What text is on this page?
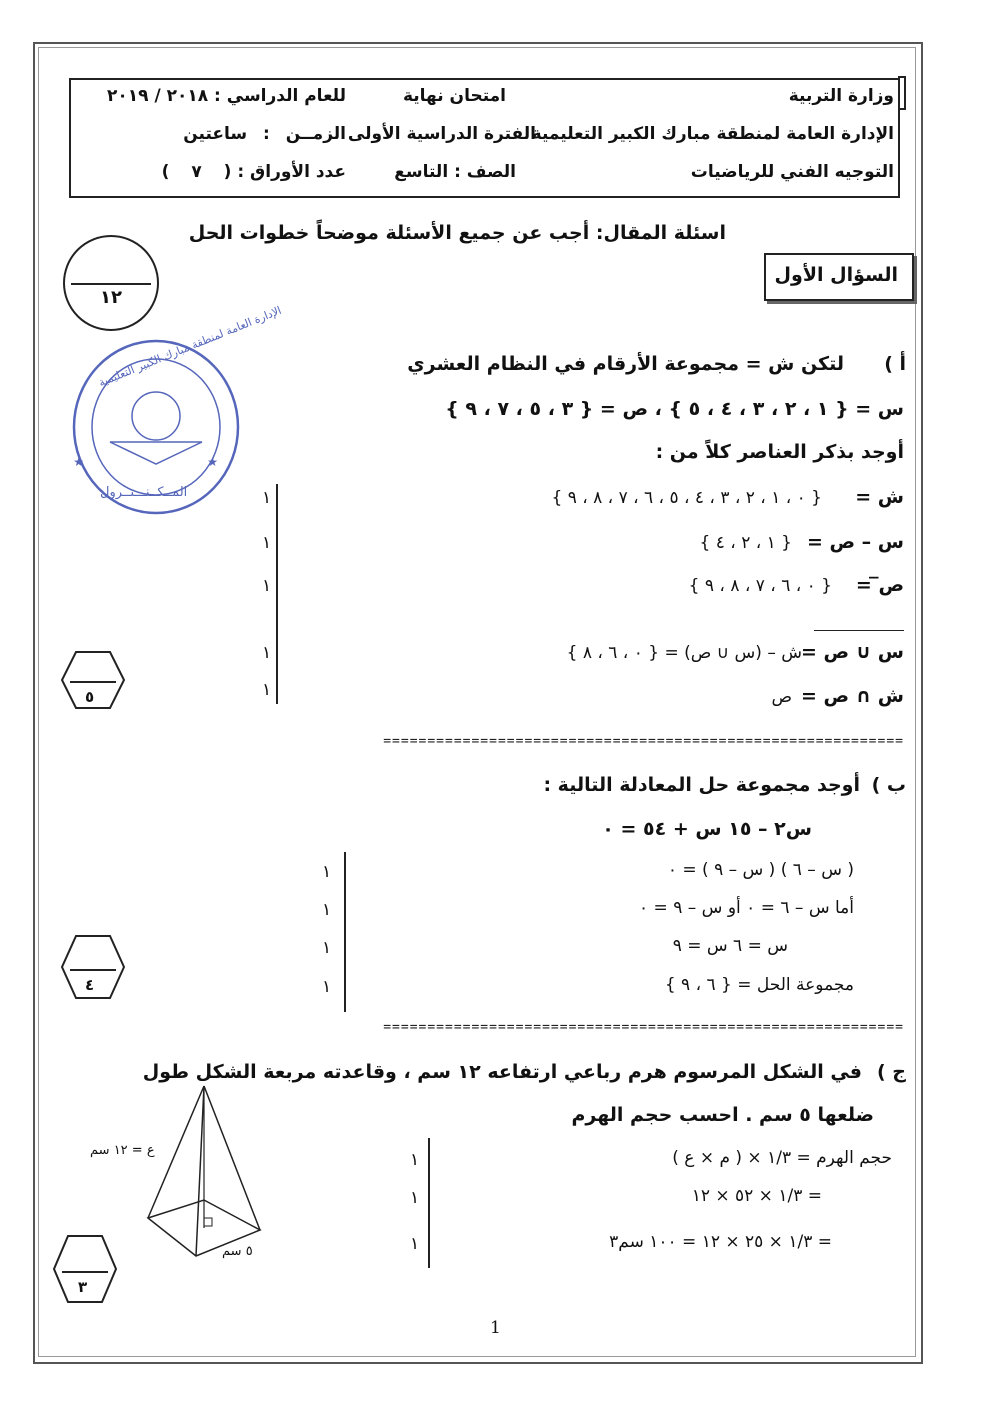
وزارة التربية
الإدارة العامة لمنطقة مبارك الكبير التعليمية
التوجيه الفني للرياضيات
امتحان نهاية
الفترة الدراسية الأولى
الصف : التاسع
للعام الدراسي : ٢٠١٨ / ٢٠١٩
الزمــن : ساعتين
عدد الأوراق : ( ٧ )
اسئلة المقال: أجب عن جميع الأسئلة موضحاً خطوات الحل
السؤال الأول
١٢
★	★
الإدارة العامة لمنطقة مبارك الكبير التعليمية
المــكــنـــتــرول
أ )
لتكن ش = مجموعة الأرقام في النظام العشري
س = { ١ ، ٢ ، ٣ ، ٤ ، ٥ } ، ص = { ٣ ، ٥ ، ٧ ، ٩ }
أوجد بذكر العناصر كلاً من :
ش =
{ ٠ ، ١ ، ٢ ، ٣ ، ٤ ، ٥ ، ٦ ، ٧ ، ٨ ، ٩ }
١
س – ص =
{ ١ ، ٢ ، ٤ }
١
ص̅ =
{ ٠ ، ٦ ، ٧ ، ٨ ، ٩ }
١
س ∪ ص =
ش – (س ∪ ص) = { ٠ ، ٦ ، ٨ }
١
ش ∩ ص =
ص
١
٥
===========================================================
ب )
أوجد مجموعة حل المعادلة التالية :
س٢ – ١٥ س + ٥٤ = ٠
( س – ٦ ) ( س – ٩ ) = ٠
١
أما س – ٦ = ٠ أو س – ٩ = ٠
١
س = ٦ س = ٩
١
مجموعة الحل = { ٦ ، ٩ }
١
٤
===========================================================
ج )
في الشكل المرسوم هرم رباعي ارتفاعه ١٢ سم ، وقاعدته مربعة الشكل طول
ضلعها ٥ سم . احسب حجم الهرم
حجم الهرم = ١/٣ × ( م × ع )
١
= ١/٣ × ٥٢ × ١٢
١
= ١/٣ × ٢٥ × ١٢ = ١٠٠ سم٣
١
ع = ١٢ سم
٥ سم
٣
1
